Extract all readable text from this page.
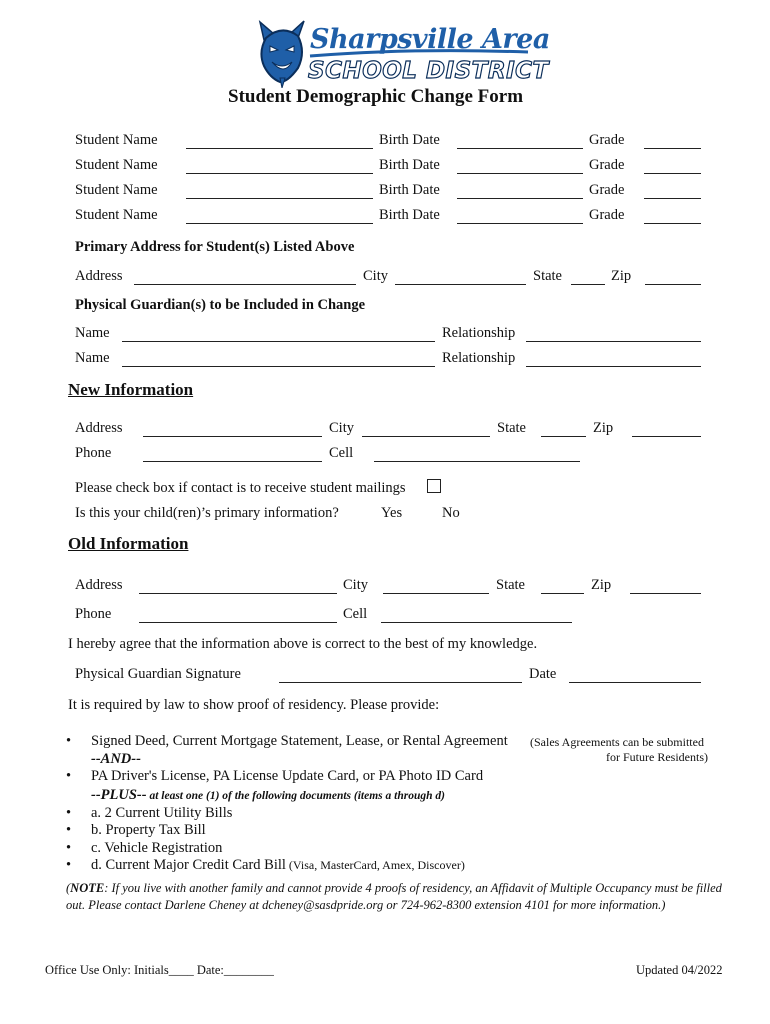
Sharpsville Area
SCHOOL DISTRICT
Student Demographic Change Form
Student Name	Birth Date	Grade
Student Name	Birth Date	Grade
Student Name	Birth Date	Grade
Student Name	Birth Date	Grade
Primary Address for Student(s) Listed Above
Address	City	State	Zip
Physical Guardian(s) to be Included in Change
Name	Relationship
Name	Relationship
New Information
Address	City	State	Zip
Phone	Cell
Please check box if contact is to receive student mailings
Is this your child(ren)’s primary information?	Yes	No
Old Information
Address	City	State	Zip
Phone	Cell
I hereby agree that the information above is correct to the best of my knowledge.
Physical Guardian Signature	Date
It is required by law to show proof of residency. Please provide:
• Signed Deed, Current Mortgage Statement, Lease, or Rental Agreement (Sales Agreements can be submitted
for Future Residents)
--AND--
• PA Driver's License, PA License Update Card, or PA Photo ID Card
--PLUS-- at least one (1) of the following documents (items a through d)
• a. 2 Current Utility Bills
• b. Property Tax Bill
• c. Vehicle Registration
• d. Current Major Credit Card Bill (Visa, MasterCard, Amex, Discover)
(NOTE: If you live with another family and cannot provide 4 proofs of residency, an Affidavit of Multiple Occupancy must be filled out. Please contact Darlene Cheney at dcheney@sasdpride.org or 724-962-8300 extension 4101 for more information.)
Office Use Only: Initials____ Date:________	Updated 04/2022
